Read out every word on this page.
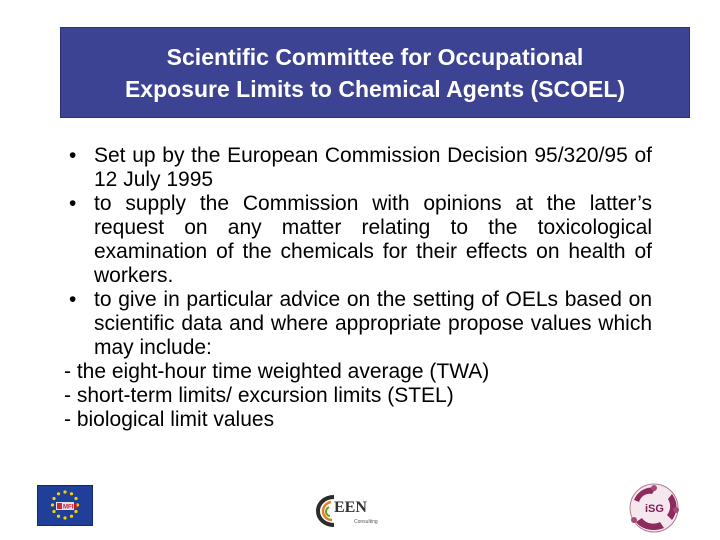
Scientific Committee for Occupational
Exposure Limits to Chemical Agents (SCOEL)
• Set up by the European Commission Decision 95/320/95 of 12 July 1995
• to supply the Commission with opinions at the latter’s request on any matter relating to the toxicological examination of the chemicals for their effects on health of workers.
• to give in particular advice on the setting of OELs based on scientific data and where appropriate propose values which may include:
- the eight-hour time weighted average (TWA)
- short-term limits/ excursion limits (STEL)
- biological limit values
MFIB	EEN
Consulting
iSG
